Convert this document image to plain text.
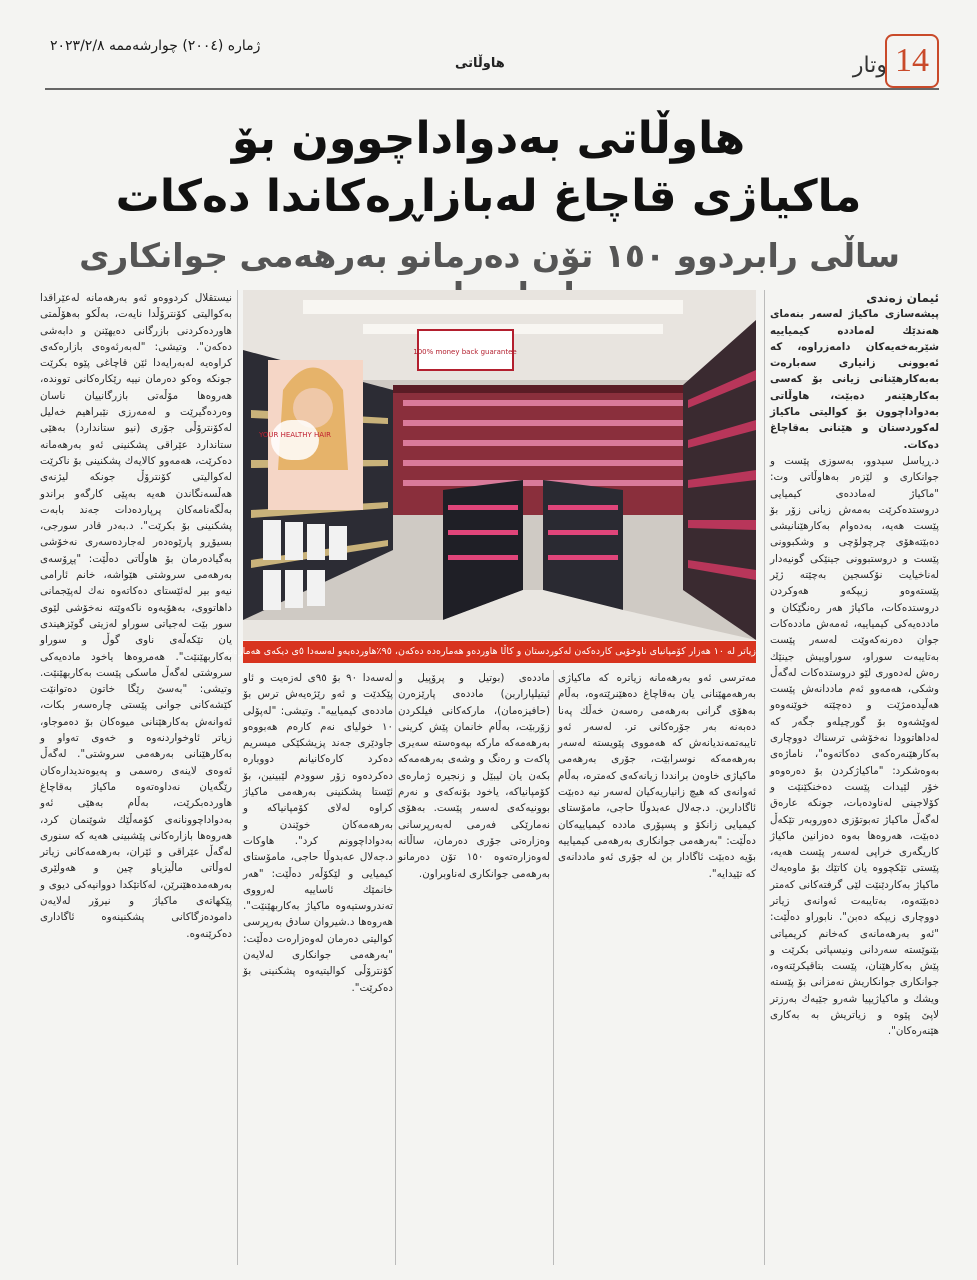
ژمارە (٢٠٠٤) چوارشەممە ٢٠٢٣/٢/٨
هاوڵاتی	وتار 14
هاوڵاتی بەدواداچوون بۆ
ماكیاژی قاچاغ لەبازاڕەكاندا دەكات
ساڵی رابردوو ١٥٠ تۆن دەرمانو بەرهەمی جوانكاری

ئیمان زەندی

پیشەسازی ماكیاژ لەسەر بنەمای هەندێك لەماددە كیمیاییە شێربەخەیەكان دامەزراوە، كە ئەبوونی زانیاری سەبارەت بەبەكارهێنانی زیانی بۆ كەسی بەكارهێنەر دەبێت، هاوڵاتی بەدواداچوون بۆ كوالیتی ماكیاژ لەكوردستان و هێنانی بەقاچاغ دەكات.

د.ڕیاسل سیدوو، بەسوزی پێست و جوانكاری و لێزەر بەهاوڵاتی وت: "ماكیاژ لەماددەی كیمیایی دروستدەكرێت بەمەش زیانی زۆر بۆ پێست هەیە، بەدەوام بەكارهێنانیشی دەبێتەهۆی چرچولۆچی و وشكبوونی پێست و دروستبوونی جینێكی گونیەدار لەناخیایت نۆكسجین بەچێتە ژێر پێستەوەو زیپكەو هەوكردن دروستدەكات، ماكیاژ هەر رەنگێكان و ماددەیەكی كیمیاییە، ئەمەش ماددەكات جوان دەرنەكەوێت لەسەر پێست بەتایبەت سوراو، سوراوییش جینێك رەش لەدەوری لێو دروستدەكات لەگەڵ وشكی، هەمەوو ئەم ماددانەش پێست هەڵیدەمژێت و دەچێتە خوێنەوەو لەوێشەوە بۆ گورچیلەو جگەر كە لەداهاتوودا نەخۆشی ترسناك دووچاری بەكارهێنەرەكەی دەكاتەوە"، ناماژەی بەوەشكرد: "ماكیاژكردن بۆ دەرەوەو خۆر لێیدات پێست دەخنكێنێت و كۆلاجینی لەناودەبات، جونكە عارەق لەگەڵ ماكیاژ تەبوتۆزی دەوروبەر تێكەڵ دەبێت، هەروەها بەوە دەزانین ماكیاژ كاریگەری خراپی لەسەر پێست هەیە، پێستی تێكچووە یان كاتێك بۆ ماوەیەك ماكیاژ بەكاردێنێت لێی گرفتەكانی كەمتر دەبێتەوە، بەتایبەت ئەوانەی زیاتر دووچاری زیپكە دەبن". نابوراو دەڵێت: "ئەو بەرهەمانەی كەخانم كریمیاتی بێنوێستە سەردانی ونیسپاتی بكرێت و پێش بەكارهێنان، پێست بتاقیكرێتەوە، جوانكاری جوانكاریش نەمزانی بۆ پێستە ویشك و ماكیاژیپیا شەرو جێیەك بەرزتر لاپێ پێوە و زیاتریش بە بەكاری هێنەرەكان".

YOUR HEALTHY HAIR
100% money back guarantee
زیاتر لە ١٠ هەزار كۆمپانیای ناوخۆیی كاردەكەن لەكوردستان و كاڵا هاوردەو هەمارەدە دەكەن، ٩٥٪هاوردەیەو لەسەدا ٥ی دیكەی هەمارەدە

مەترسی ئەو بەرهەمانە زیاترە كە ماكیاژی بەرهەمهێنانی یان بەقاچاغ دەهێنرێتەوە، بەڵام بەهۆی گرانی بەرهەمی رەسەن خەڵك پەنا دەبەنە بەر جۆرەكانی تر. لەسەر ئەو تایبەتمەندیانەش كە هەمووی پێویستە لەسەر بەرهەمەكە نوسرابێت، جۆری بەرهەمی ماكیاژی خاوەن برانددا زیانەكەی كەمترە، بەڵام ئەوانەی كە هیچ زانیاریەكیان لەسەر نیە دەبێت ئاگاداربن. د.جەلال عەبدوڵا حاجی، مامۆستای كیمیایی زانكۆ و پسپۆری ماددە كیمیاییەكان دەڵێت: "بەرهەمی جوانكاری بەرهەمی كیمیاییە بۆیە دەبێت ئاگادار بن لە جۆری ئەو ماددانەی كە تێیدایە".

ماددەی (بوتیل و پرۆپیل و ئیتیلپاراربن) ماددەی پارێزەرن (حافیزەمان)، ماركەكانی فیلكردن زۆربێت، بەڵام خانمان پێش كرینی بەرهەمەكە ماركە بپەوەستە سەیری پاكەت و رەنگ و وشەی بەرهەمەكە بكەن یان لیبێل و زنجیرە ژمارەی كۆمپانیاكە، یاخود بۆنەكەی و نەرم بوونیەكەی لەسەر پێست. بەهۆی نەمارێكی فەرمی لەبەرپرسانی وەزارەتی جۆری دەرمان، ساڵانە لەوەزارەتەوە ١٥٠ تۆن دەرمانو بەرهەمی جوانكاری لەناوبراون.

لەسەدا ٩٠ بۆ ٩٥ی لەزەیت و ئاو پێكدێت و ئەو رێژەیەش ترس بۆ ماددەی كیمیاییە". وتیشی: "لەپۆلی ١٠ خولیای نەم كارەم هەبووەو جاودێری جەند پزیشكێكی میسریم دەكرد كارەكانیانم دووبارە دەكردەوە زۆر سوودم لێبینین، بۆ ئێستا پشكنینی بەرهەمی ماكیاژ كراوە لەلای كۆمپانیاكە و بەرهەمەكان خوێندن و بەدواداچوونم كرد". هاوكات د.جەلال عەبدوڵا حاجی، مامۆستای كیمیایی و لێكۆڵەر دەڵێت: "هەر خانمێك ئاساییە لەرووی تەندروستیەوە ماكیاژ بەكاربهێنێت". هەروەها د.شیروان سادق بەرپرسی كوالیتی دەرمان لەوەزارەت دەڵێت: "بەرهەمی جوانكاری لەلایەن كۆنترۆڵی كوالیتیەوە پشكنینی بۆ دەكرێت".

نیستقلال كردووەو ئەو بەرهەمانە لەعێراقدا بەكوالیتی كۆنترۆڵدا نایەت، بەڵكو بەهۆڵمتی هاوردەكردنی بازرگانی دەیهێنن و دابەشی دەكەن". وتیشی: "لەبەرئەوەی بازارەكەی كراوەیە لەبەرایەدا ئێن قاچاغی پێوە بكرێت جونكە وەكو دەرمان نییە رێكارەكانی تووندە، هەروەها مۆڵەتی بازرگانییان ناسان وەردەگیرێت و لەمەرزی نێبراهیم خەلیل لەكۆنترۆڵی جۆری (نیو ستاندارد) بەهێی ستاندارد عێراقی پشكنینی ئەو بەرهەمانە دەكرێت، هەمەوو كالایەك پشكنینی بۆ ناكرێت لەكوالیتی كۆنترۆڵ جونكە لیژنەی هەڵسەنگاندن هەیە بەپێی كارگەو براندو بەڵگەنامەكان پرپاردەدات جەند بابەت پشكنینی بۆ بكرێت". د.بەدر قادر سورجی، بسیۆڕو پارێوەدەر لەجاردەسەری نەخۆشی بەگیادەرمان بۆ هاوڵاتی دەڵێت: "پڕۆسەی بەرهەمی سروشتی هێواشە، خانم ئارامی نیەو بیر لەئێستای دەكاتەوە نەك لەپێجمانی داهاتووی، بەهۆیەوە ناكەوێتە نەخۆشی لێوی سور بێت لەجیاتی سوراو لەزیتی گوێزهیندی یان تێكەڵەی ناوی گوڵ و سوراو بەكاربهێنێت". هەمروەها یاخود مادەیەكی سروشتی لەگەڵ ماسكی پێست بەكاربهێنێت. وتیشی: "بەسێ رێگا خاتون دەتوانێت كێشەكانی جوانی پێستی چارەسەر بكات، ئەوانەش بەكارهێنانی میوەكان بۆ دەموجاو، زیاتر ئاوخواردنەوە و خەوی تەواو و بەكارهێنانی بەرهەمی سروشتی". لەگەڵ ئەوەی لاینەی رەسمی و پەیوەندیدارەكان رێگەیان نەداوەتەوە ماكیاژ بەقاچاغ هاوردەبكرێت، بەڵام بەهێی ئەو بەدواداچوونانەی كۆمەڵێك شوێنمان كرد، هەروەها بازارەكانی پێشبینی هەیە كە سنوری لەگەڵ عێراقی و ئێران، بەرهەمەكانی زیاتر لەوڵاتی ماڵیزیاو چین و هەولێری بەرهەمدەهێنرێن، لەكاتێكدا دووانیەكی دیوی و پێكهاتەی ماكیاژ و نیرۆر لەلایەن دامودەزگاكانی پشكنینەوە ئاگاداری دەكرێنەوە.
